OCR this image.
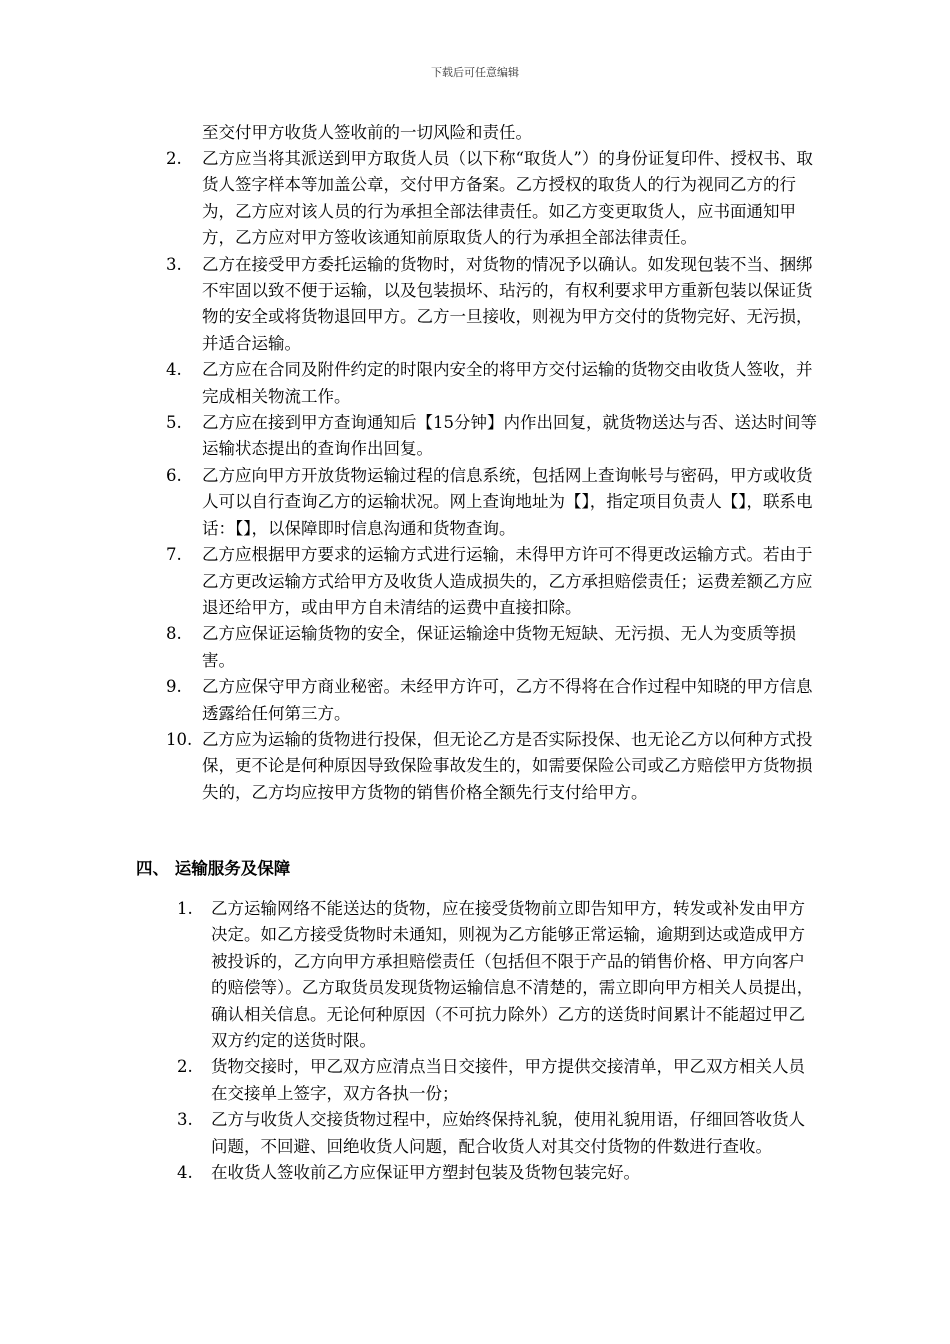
下载后可任意编辑
至交付甲方收货人签收前的一切风险和责任。
2.	乙方应当将其派送到甲方取货人员（以下称“取货人”）的身份证复印件、授权书、取货人签字样本等加盖公章，交付甲方备案。乙方授权的取货人的行为视同乙方的行为，乙方应对该人员的行为承担全部法律责任。如乙方变更取货人，应书面通知甲方，乙方应对甲方签收该通知前原取货人的行为承担全部法律责任。
3.	乙方在接受甲方委托运输的货物时，对货物的情况予以确认。如发现包装不当、捆绑不牢固以致不便于运输，以及包装损坏、玷污的，有权利要求甲方重新包装以保证货物的安全或将货物退回甲方。乙方一旦接收，则视为甲方交付的货物完好、无污损，并适合运输。
4.	乙方应在合同及附件约定的时限内安全的将甲方交付运输的货物交由收货人签收，并完成相关物流工作。
5.	乙方应在接到甲方查询通知后【15分钟】内作出回复，就货物送达与否、送达时间等运输状态提出的查询作出回复。
6.	乙方应向甲方开放货物运输过程的信息系统，包括网上查询帐号与密码，甲方或收货人可以自行查询乙方的运输状况。网上查询地址为【】，指定项目负责人【】，联系电话：【】，以保障即时信息沟通和货物查询。
7.	乙方应根据甲方要求的运输方式进行运输，未得甲方许可不得更改运输方式。若由于乙方更改运输方式给甲方及收货人造成损失的，乙方承担赔偿责任；运费差额乙方应退还给甲方，或由甲方自未清结的运费中直接扣除。
8.	乙方应保证运输货物的安全，保证运输途中货物无短缺、无污损、无人为变质等损害。
9.	乙方应保守甲方商业秘密。未经甲方许可，乙方不得将在合作过程中知晓的甲方信息透露给任何第三方。
10. 乙方应为运输的货物进行投保，但无论乙方是否实际投保、也无论乙方以何种方式投保，更不论是何种原因导致保险事故发生的，如需要保险公司或乙方赔偿甲方货物损失的，乙方均应按甲方货物的销售价格全额先行支付给甲方。
四、 运输服务及保障
1.	乙方运输网络不能送达的货物，应在接受货物前立即告知甲方，转发或补发由甲方决定。如乙方接受货物时未通知，则视为乙方能够正常运输，逾期到达或造成甲方被投诉的，乙方向甲方承担赔偿责任（包括但不限于产品的销售价格、甲方向客户的赔偿等）。乙方取货员发现货物运输信息不清楚的，需立即向甲方相关人员提出，确认相关信息。无论何种原因（不可抗力除外）乙方的送货时间累计不能超过甲乙双方约定的送货时限。
2.	货物交接时，甲乙双方应清点当日交接件，甲方提供交接清单，甲乙双方相关人员在交接单上签字，双方各执一份；
3.	乙方与收货人交接货物过程中，应始终保持礼貌，使用礼貌用语，仔细回答收货人问题，不回避、回绝收货人问题，配合收货人对其交付货物的件数进行查收。
4.	在收货人签收前乙方应保证甲方塑封包装及货物包装完好。
